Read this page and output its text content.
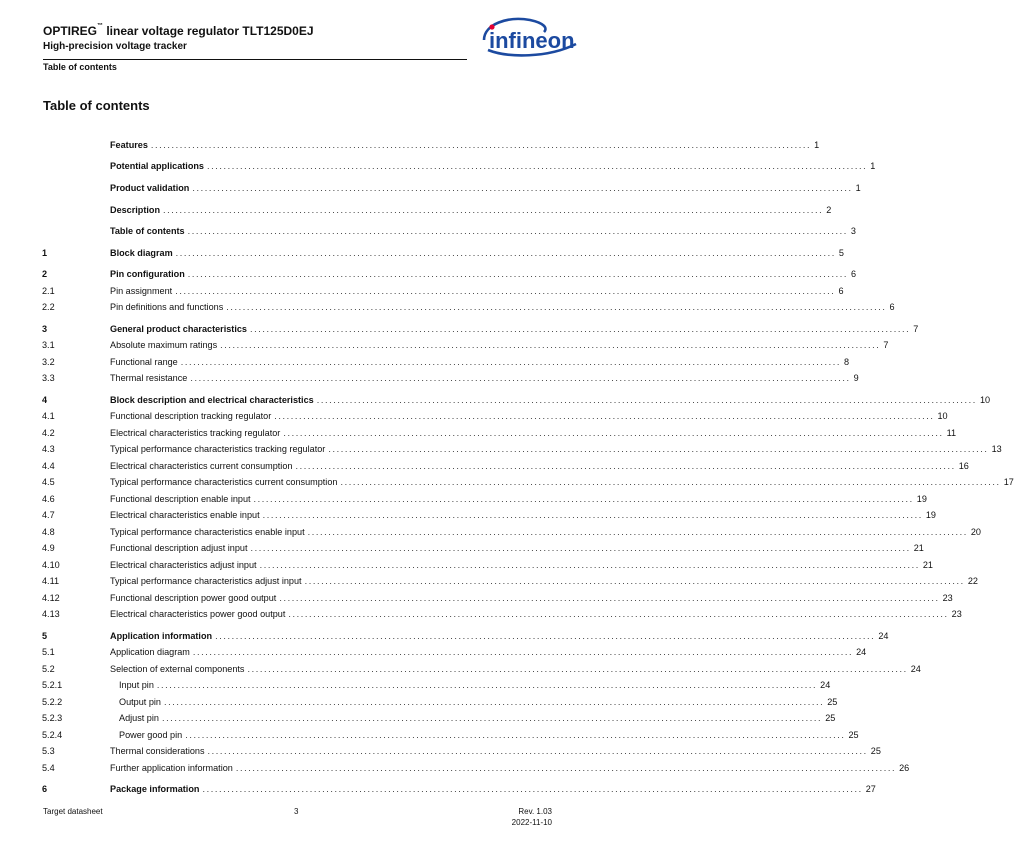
OPTIREG™ linear voltage regulator TLT125D0EJ
High-precision voltage tracker
Table of contents
infineon
Table of contents
Features ................................................................................................................................................................ 1
Potential applications ................................................................................................................................................................ 1
Product validation ................................................................................................................................................................ 1
Description ................................................................................................................................................................ 2
Table of contents ................................................................................................................................................................ 3
1	Block diagram ................................................................................................................................................................ 5
2	Pin configuration ................................................................................................................................................................ 6
2.1	Pin assignment ................................................................................................................................................................ 6
2.2	Pin definitions and functions ................................................................................................................................................................ 6
3	General product characteristics ................................................................................................................................................................ 7
3.1	Absolute maximum ratings ................................................................................................................................................................ 7
3.2	Functional range ................................................................................................................................................................ 8
3.3	Thermal resistance ................................................................................................................................................................ 9
4	Block description and electrical characteristics ................................................................................................................................................................ 10
4.1	Functional description tracking regulator ................................................................................................................................................................ 10
4.2	Electrical characteristics tracking regulator ................................................................................................................................................................ 11
4.3	Typical performance characteristics tracking regulator ................................................................................................................................................................ 13
4.4	Electrical characteristics current consumption ................................................................................................................................................................ 16
4.5	Typical performance characteristics current consumption ................................................................................................................................................................ 17
4.6	Functional description enable input ................................................................................................................................................................ 19
4.7	Electrical characteristics enable input ................................................................................................................................................................ 19
4.8	Typical performance characteristics enable input ................................................................................................................................................................ 20
4.9	Functional description adjust input ................................................................................................................................................................ 21
4.10	Electrical characteristics adjust input ................................................................................................................................................................ 21
4.11	Typical performance characteristics adjust input ................................................................................................................................................................ 22
4.12	Functional description power good output ................................................................................................................................................................ 23
4.13	Electrical characteristics power good output ................................................................................................................................................................ 23
5	Application information ................................................................................................................................................................ 24
5.1	Application diagram ................................................................................................................................................................ 24
5.2	Selection of external components ................................................................................................................................................................ 24
5.2.1	Input pin ................................................................................................................................................................ 24
5.2.2	Output pin ................................................................................................................................................................ 25
5.2.3	Adjust pin ................................................................................................................................................................ 25
5.2.4	Power good pin ................................................................................................................................................................ 25
5.3	Thermal considerations ................................................................................................................................................................ 25
5.4	Further application information ................................................................................................................................................................ 26
6	Package information ................................................................................................................................................................ 27
Target datasheet	3	Rev. 1.03
2022-11-10
